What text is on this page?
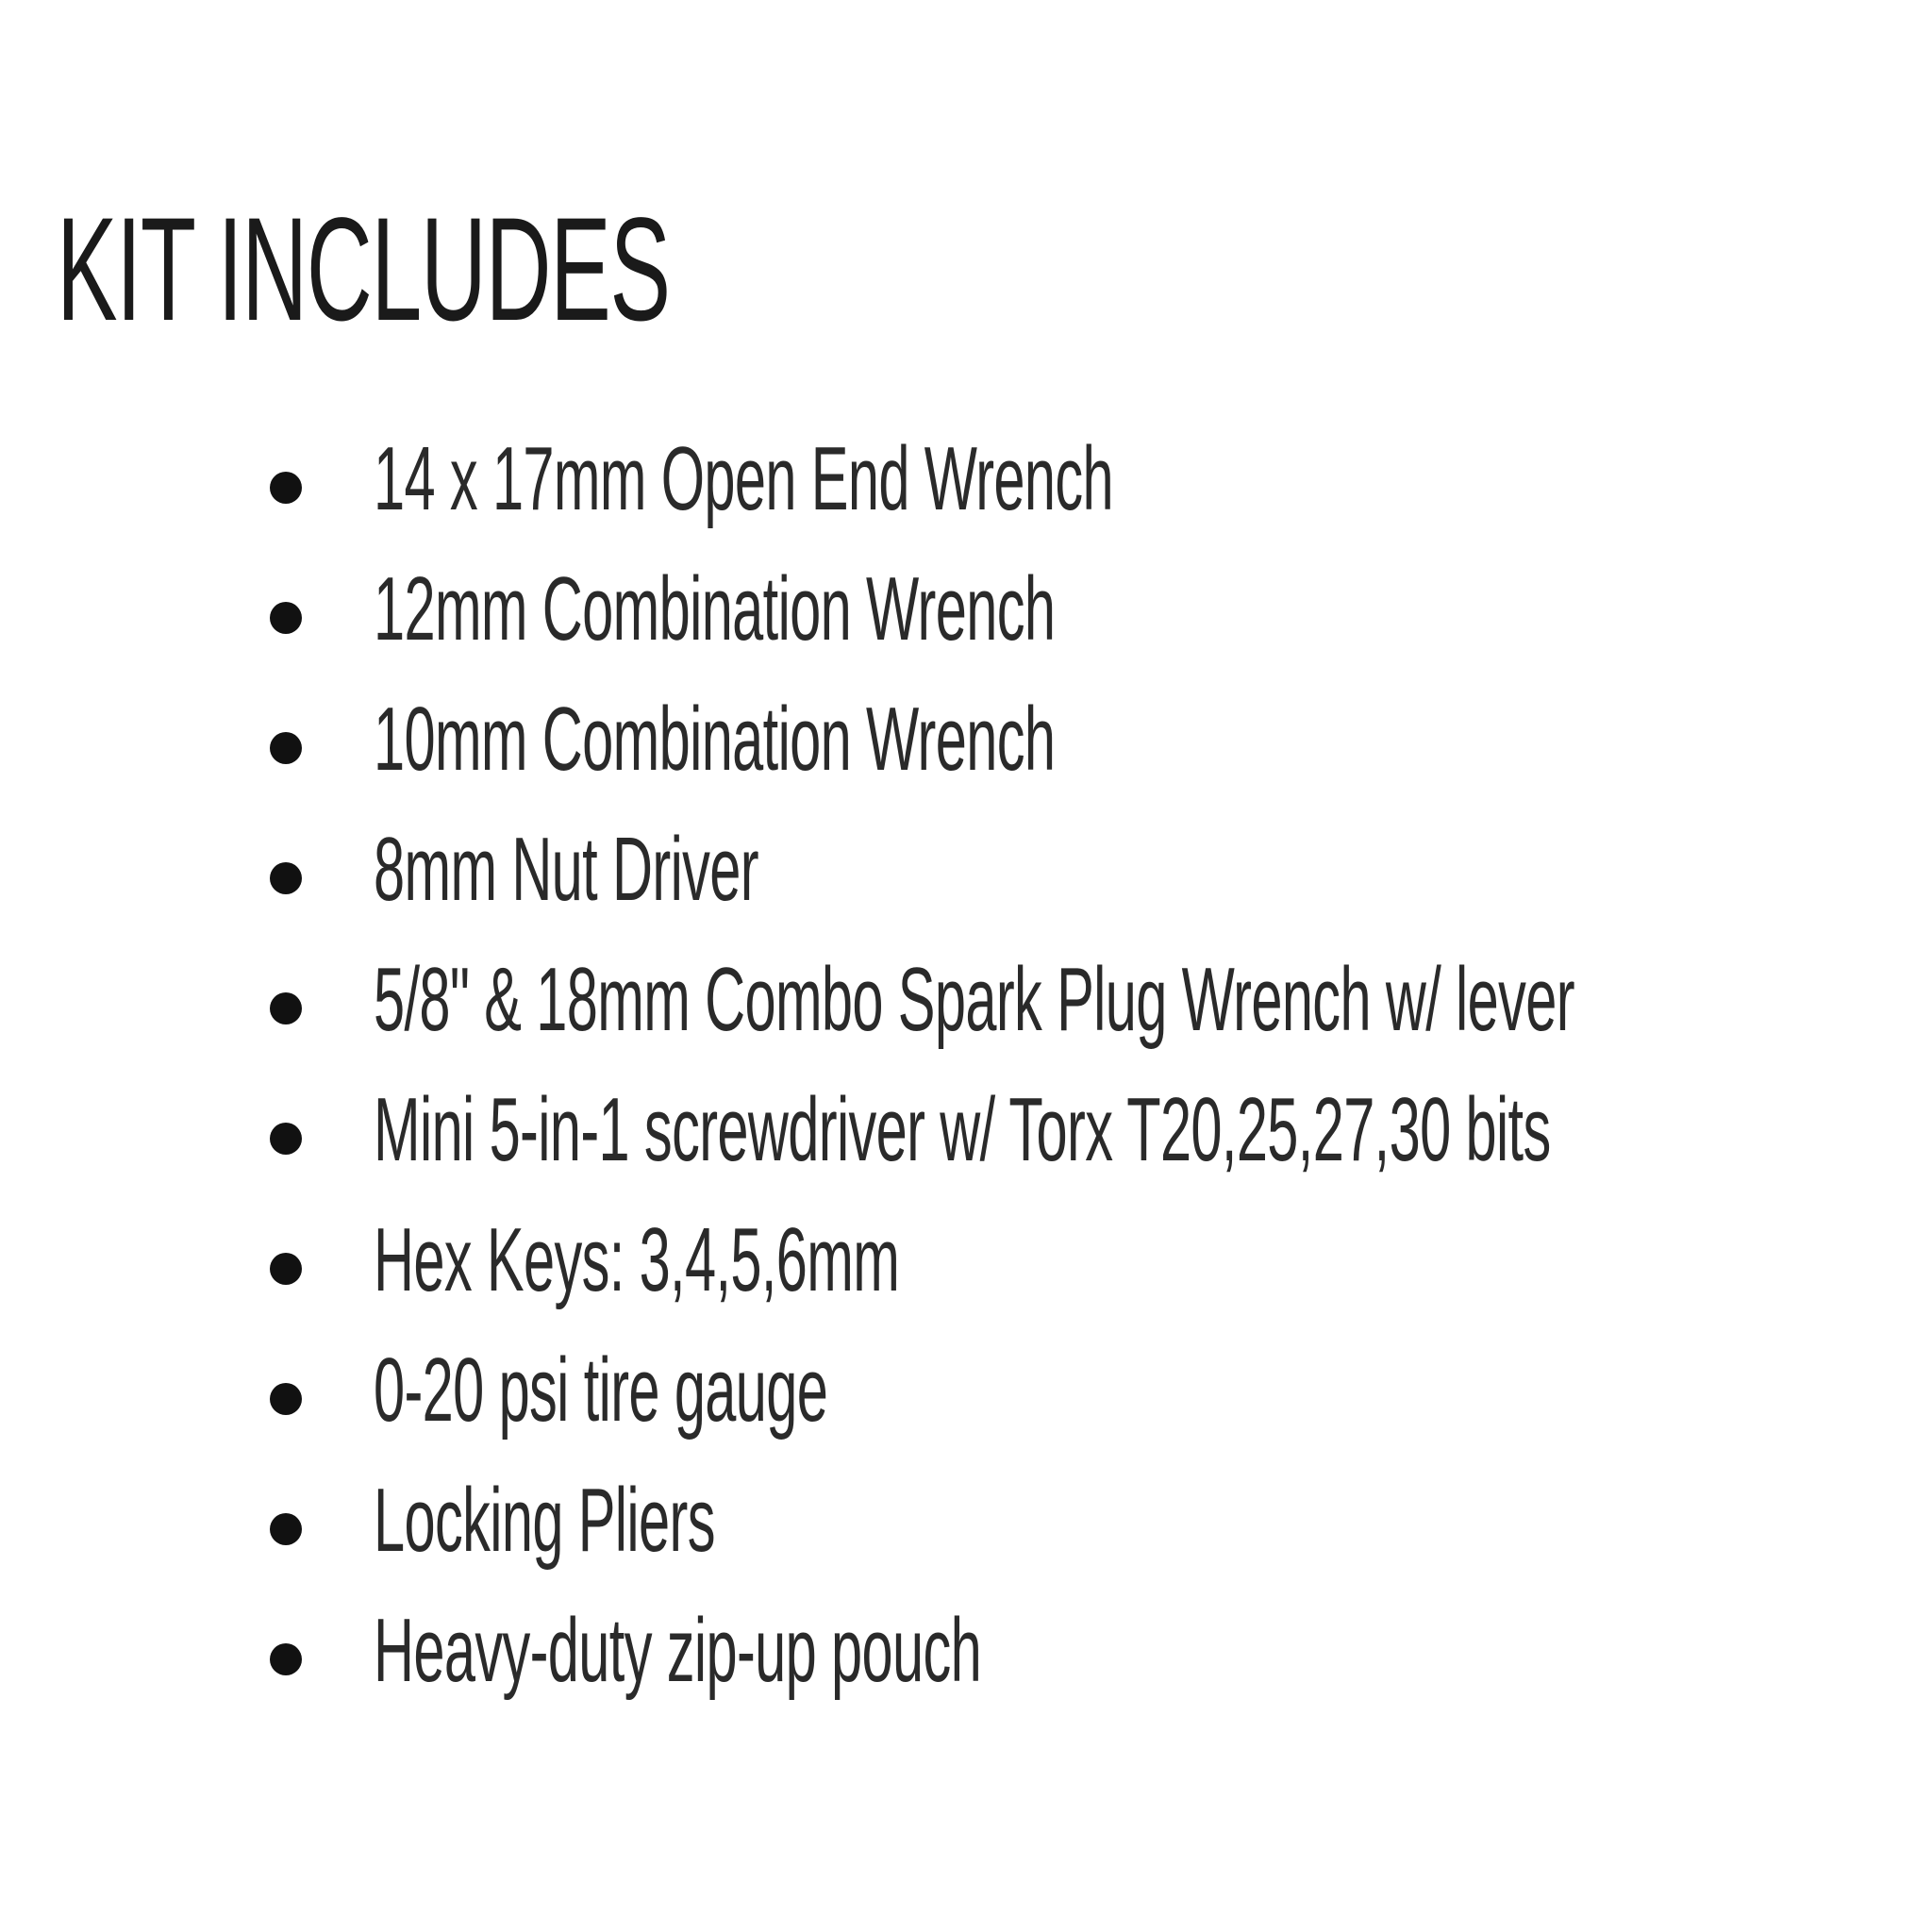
KIT INCLUDES
14 x 17mm Open End Wrench
12mm Combination Wrench
10mm Combination Wrench
8mm Nut Driver
5/8" & 18mm Combo Spark Plug Wrench w/ lever
Mini 5-in-1 screwdriver w/ Torx T20,25,27,30 bits
Hex Keys: 3,4,5,6mm
0-20 psi tire gauge
Locking Pliers
Heavy-duty zip-up pouch
